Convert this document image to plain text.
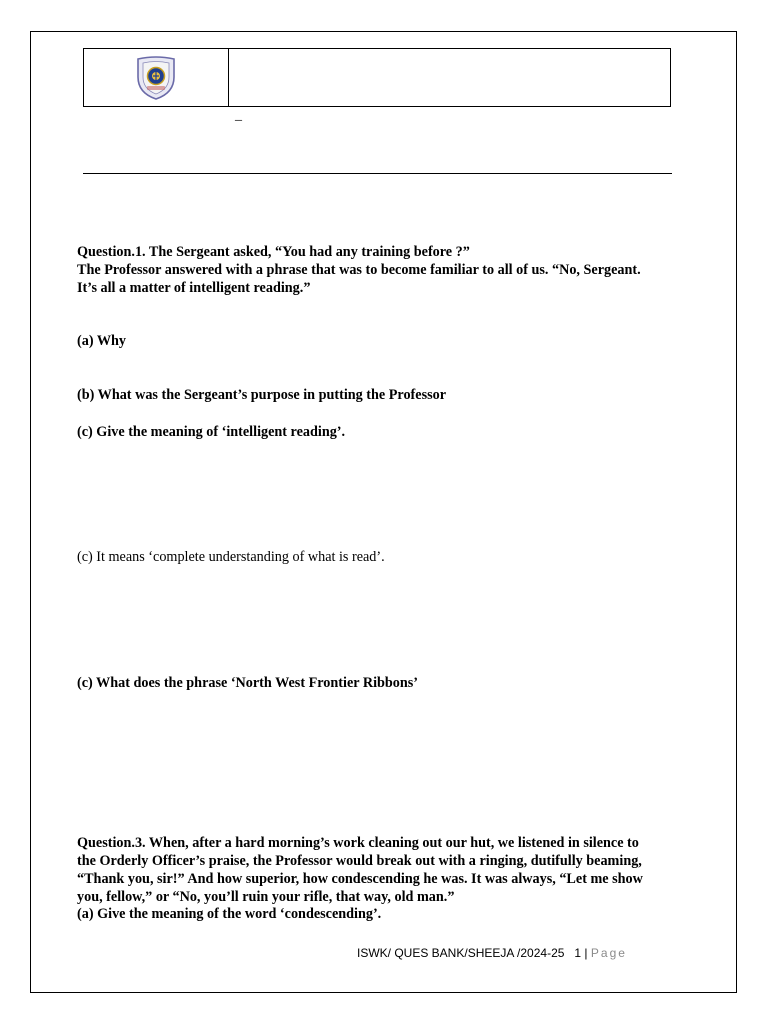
_
Question.1. The Sergeant asked, “You had any training before ?”
The Professor answered with a phrase that was to become familiar to all of us. “No, Sergeant.
It’s all a matter of intelligent reading.”
(a) Why
(b) What was the Sergeant’s purpose in putting the Professor
(c) Give the meaning of ‘intelligent reading’.
(c) It means ‘complete understanding of what is read’.
(c) What does the phrase ‘North West Frontier Ribbons’
Question.3. When, after a hard morning’s work cleaning out our hut, we listened in silence to
the Orderly Officer’s praise, the Professor would break out with a ringing, dutifully beaming,
“Thank you, sir!” And how superior, how condescending he was. It was always, “Let me show
you, fellow,” or “No, you’ll ruin your rifle, that way, old man.”
(a) Give the meaning of the word ‘condescending’.
ISWK/ QUES BANK/SHEEJA /2024-25   1 | Page
